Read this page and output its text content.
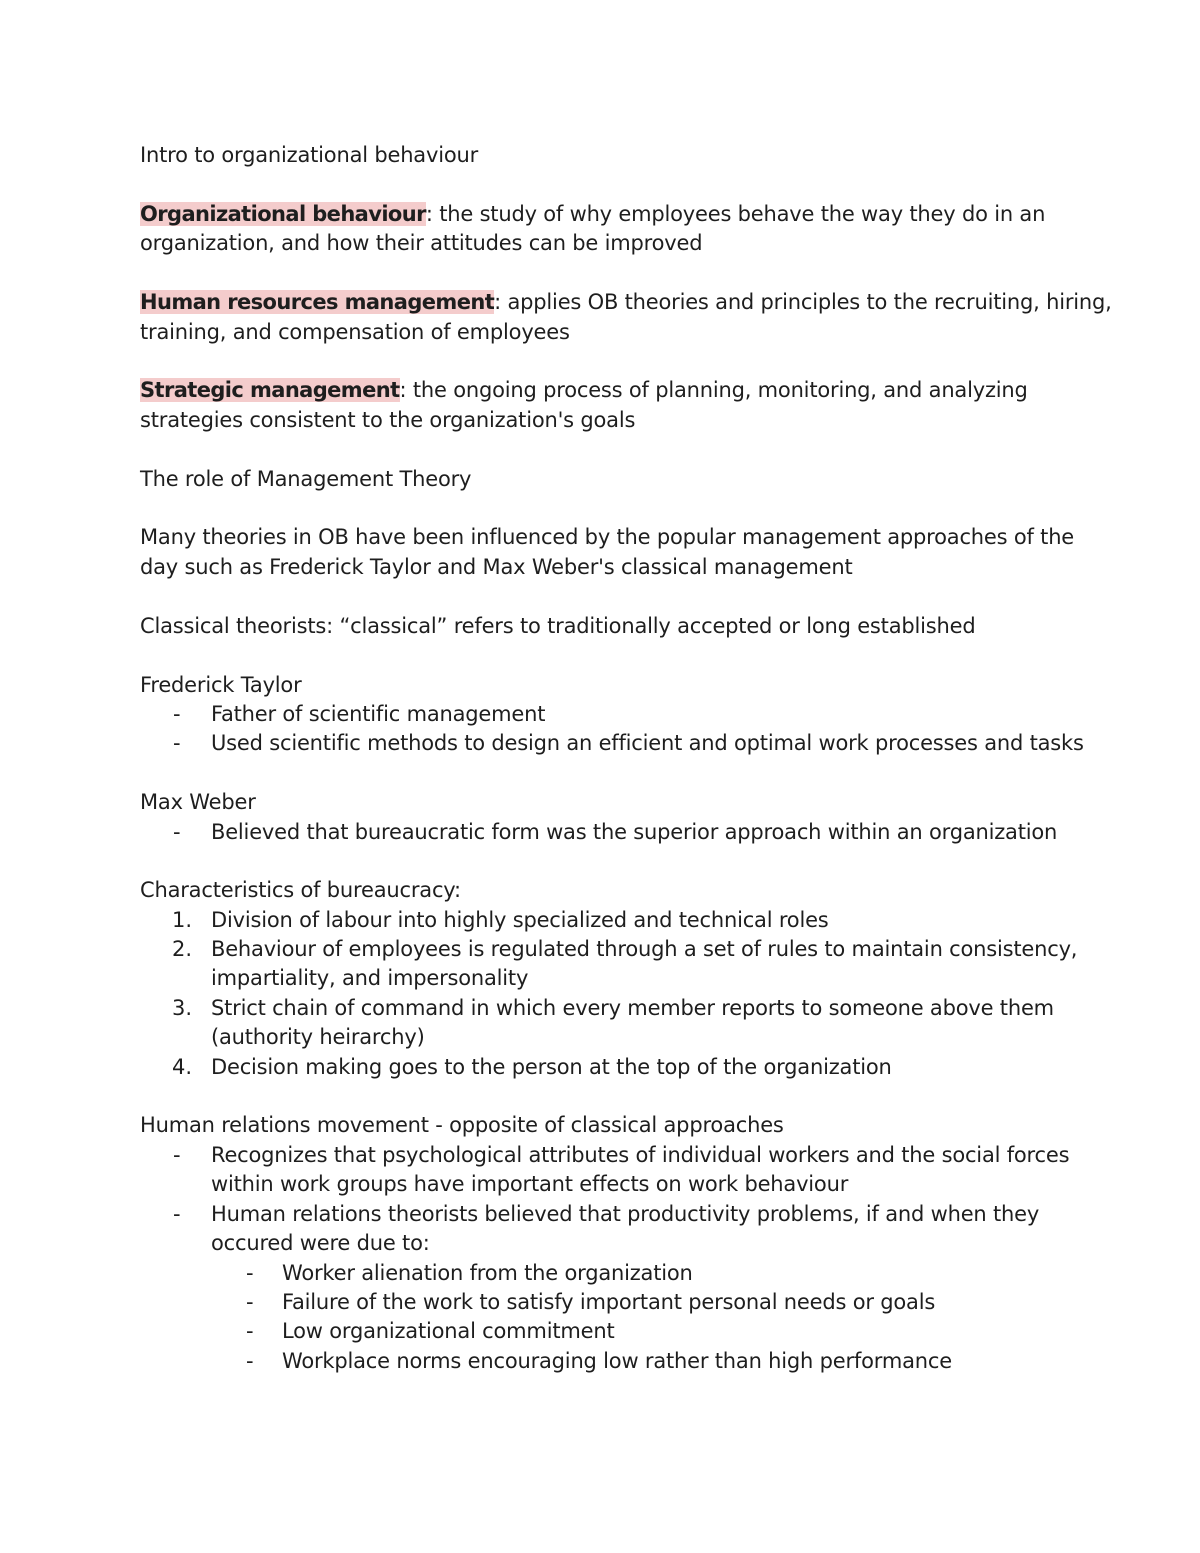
Intro to organizational behaviour
Organizational behaviour: the study of why employees behave the way they do in an
organization, and how their attitudes can be improved
Human resources management: applies OB theories and principles to the recruiting, hiring,
training, and compensation of employees
Strategic management: the ongoing process of planning, monitoring, and analyzing
strategies consistent to the organization's goals
The role of Management Theory
Many theories in OB have been influenced by the popular management approaches of the
day such as Frederick Taylor and Max Weber's classical management
Classical theorists: “classical” refers to traditionally accepted or long established
Frederick Taylor
- Father of scientific management
- Used scientific methods to design an efficient and optimal work processes and tasks
Max Weber
- Believed that bureaucratic form was the superior approach within an organization
Characteristics of bureaucracy:
1. Division of labour into highly specialized and technical roles
2. Behaviour of employees is regulated through a set of rules to maintain consistency,
impartiality, and impersonality
3. Strict chain of command in which every member reports to someone above them
(authority heirarchy)
4. Decision making goes to the person at the top of the organization
Human relations movement - opposite of classical approaches
- Recognizes that psychological attributes of individual workers and the social forces
within work groups have important effects on work behaviour
- Human relations theorists believed that productivity problems, if and when they
occured were due to:
- Worker alienation from the organization
- Failure of the work to satisfy important personal needs or goals
- Low organizational commitment
- Workplace norms encouraging low rather than high performance
